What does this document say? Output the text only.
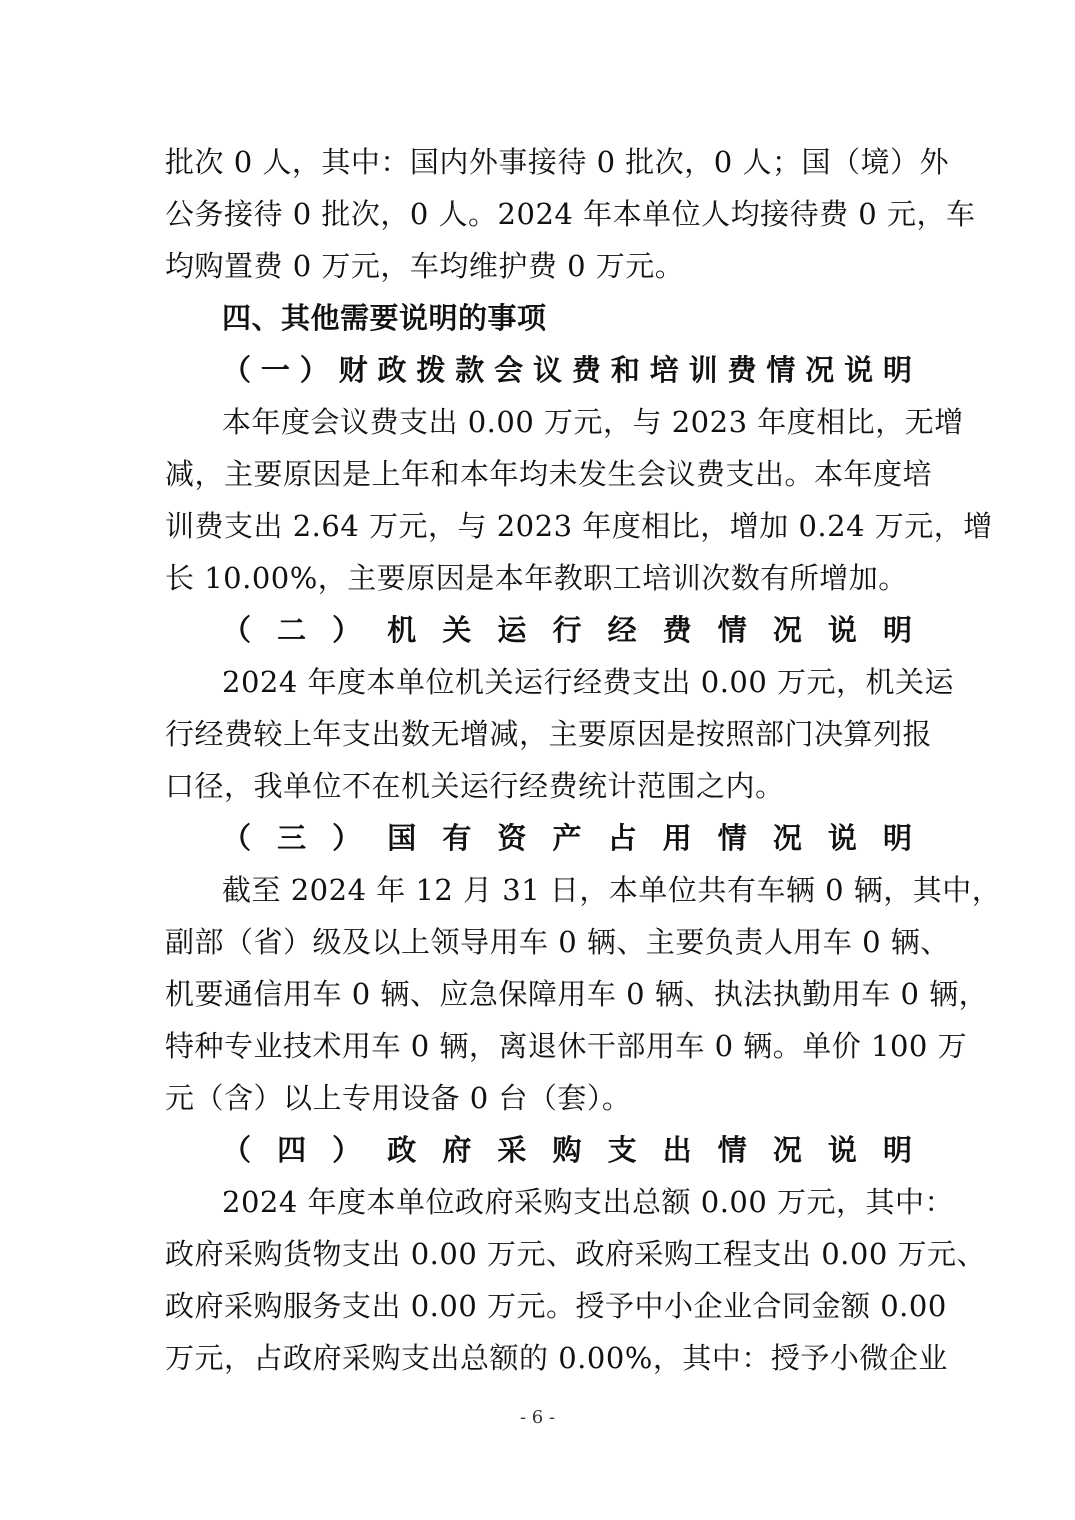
批次 0 人，其中：国内外事接待 0 批次，0 人；国（境）外
公务接待 0 批次，0 人。2024 年本单位人均接待费 0 元，车
均购置费 0 万元，车均维护费 0 万元。
四、其他需要说明的事项
（一）财政拨款会议费和培训费情况说明
本年度会议费支出 0.00 万元，与 2023 年度相比，无增
减，主要原因是上年和本年均未发生会议费支出。本年度培
训费支出 2.64 万元，与 2023 年度相比，增加 0.24 万元，增
长 10.00%，主要原因是本年教职工培训次数有所增加。
（二）机关运行经费情况说明
2024 年度本单位机关运行经费支出 0.00 万元，机关运
行经费较上年支出数无增减，主要原因是按照部门决算列报
口径，我单位不在机关运行经费统计范围之内。
（三）国有资产占用情况说明
截至 2024 年 12 月 31 日，本单位共有车辆 0 辆，其中，
副部（省）级及以上领导用车 0 辆、主要负责人用车 0 辆、
机要通信用车 0 辆、应急保障用车 0 辆、执法执勤用车 0 辆，
特种专业技术用车 0 辆，离退休干部用车 0 辆。单价 100 万
元（含）以上专用设备 0 台（套）。
（四）政府采购支出情况说明
2024 年度本单位政府采购支出总额 0.00 万元，其中：
政府采购货物支出 0.00 万元、政府采购工程支出 0.00 万元、
政府采购服务支出 0.00 万元。授予中小企业合同金额 0.00
万元，占政府采购支出总额的 0.00%，其中：授予小微企业
- 6 -
